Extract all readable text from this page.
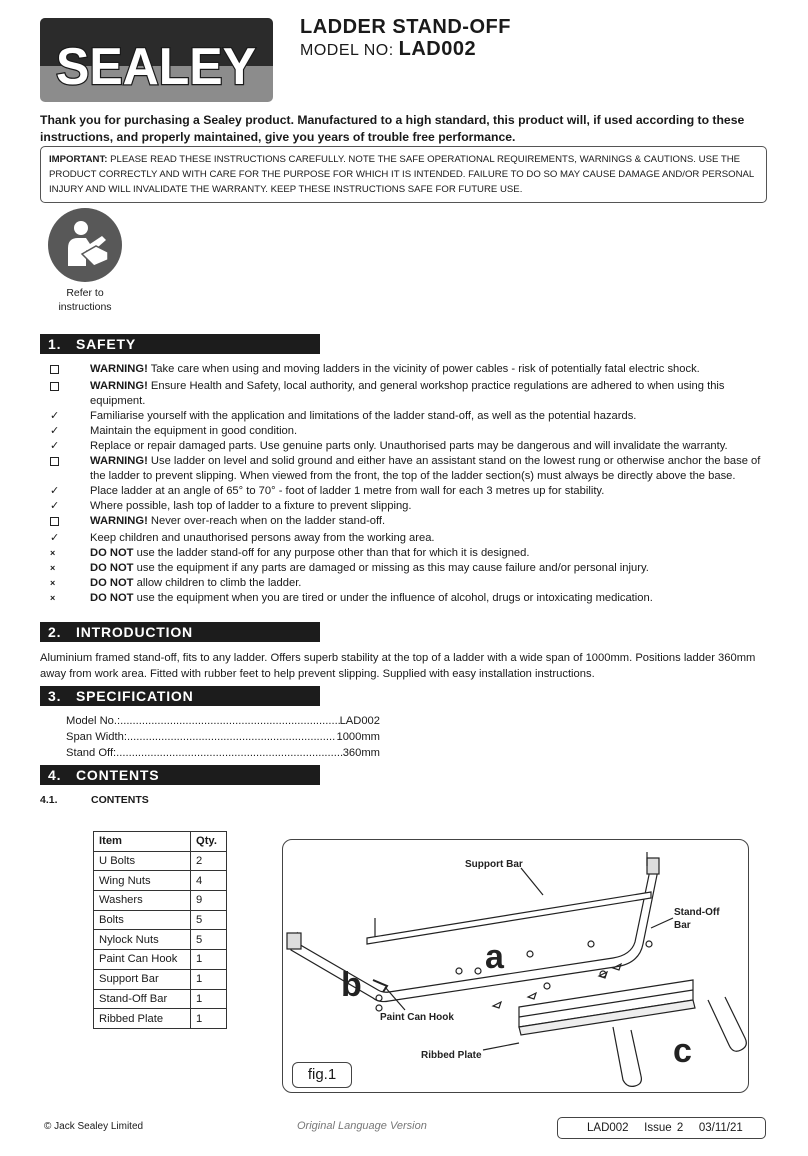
SEALEY
LADDER STAND-OFF
MODEL NO: LAD002
Thank you for purchasing a Sealey product. Manufactured to a high standard, this product will, if used according to these instructions, and properly maintained, give you years of trouble free performance.
IMPORTANT: PLEASE READ THESE INSTRUCTIONS CAREFULLY. NOTE THE SAFE OPERATIONAL REQUIREMENTS, WARNINGS & CAUTIONS. USE THE PRODUCT CORRECTLY AND WITH CARE FOR THE PURPOSE FOR WHICH IT IS INTENDED. FAILURE TO DO SO MAY CAUSE DAMAGE AND/OR PERSONAL INJURY AND WILL INVALIDATE THE WARRANTY. KEEP THESE INSTRUCTIONS SAFE FOR FUTURE USE.
Refer to instructions
1. SAFETY
WARNING! Take care when using and moving ladders in the vicinity of power cables - risk of potentially fatal electric shock.
WARNING! Ensure Health and Safety, local authority, and general workshop practice regulations are adhered to when using this equipment.
✓	Familiarise yourself with the application and limitations of the ladder stand-off, as well as the potential hazards.
✓	Maintain the equipment in good condition.
✓	Replace or repair damaged parts. Use genuine parts only. Unauthorised parts may be dangerous and will invalidate the warranty.
WARNING! Use ladder on level and solid ground and either have an assistant stand on the lowest rung or otherwise anchor the base of the ladder to prevent slipping. When viewed from the front, the top of the ladder section(s) must always be directly above the base.
✓	Place ladder at an angle of 65° to 70° - foot of ladder 1 metre from wall for each 3 metres up for stability.
✓	Where possible, lash top of ladder to a fixture to prevent slipping.
WARNING! Never over-reach when on the ladder stand-off.
✓	Keep children and unauthorised persons away from the working area.
×	DO NOT use the ladder stand-off for any purpose other than that for which it is designed.
×	DO NOT use the equipment if any parts are damaged or missing as this may cause failure and/or personal injury.
×	DO NOT allow children to climb the ladder.
×	DO NOT use the equipment when you are tired or under the influence of alcohol, drugs or intoxicating medication.
2. INTRODUCTION
Aluminium framed stand-off, fits to any ladder. Offers superb stability at the top of a ladder with a wide span of 1000mm. Positions ladder 360mm away from work area. Fitted with rubber feet to help prevent slipping. Supplied with easy installation instructions.
3. SPECIFICATION
Model No.: .....	LAD002
Span Width: .....	1000mm
Stand Off: .....	360mm
4. CONTENTS
4.1.	CONTENTS
Item	Qty.
U Bolts	2
Wing Nuts	4
Washers	9
Bolts	5
Nylock Nuts	5
Paint Can Hook	1
Support Bar	1
Stand-Off Bar	1
Ribbed Plate	1
Support Bar
Stand-Off
Bar
Paint Can Hook
Ribbed Plate
a
b
c
fig.1
© Jack Sealey Limited	Original Language Version	LAD002 Issue 2 03/11/21
